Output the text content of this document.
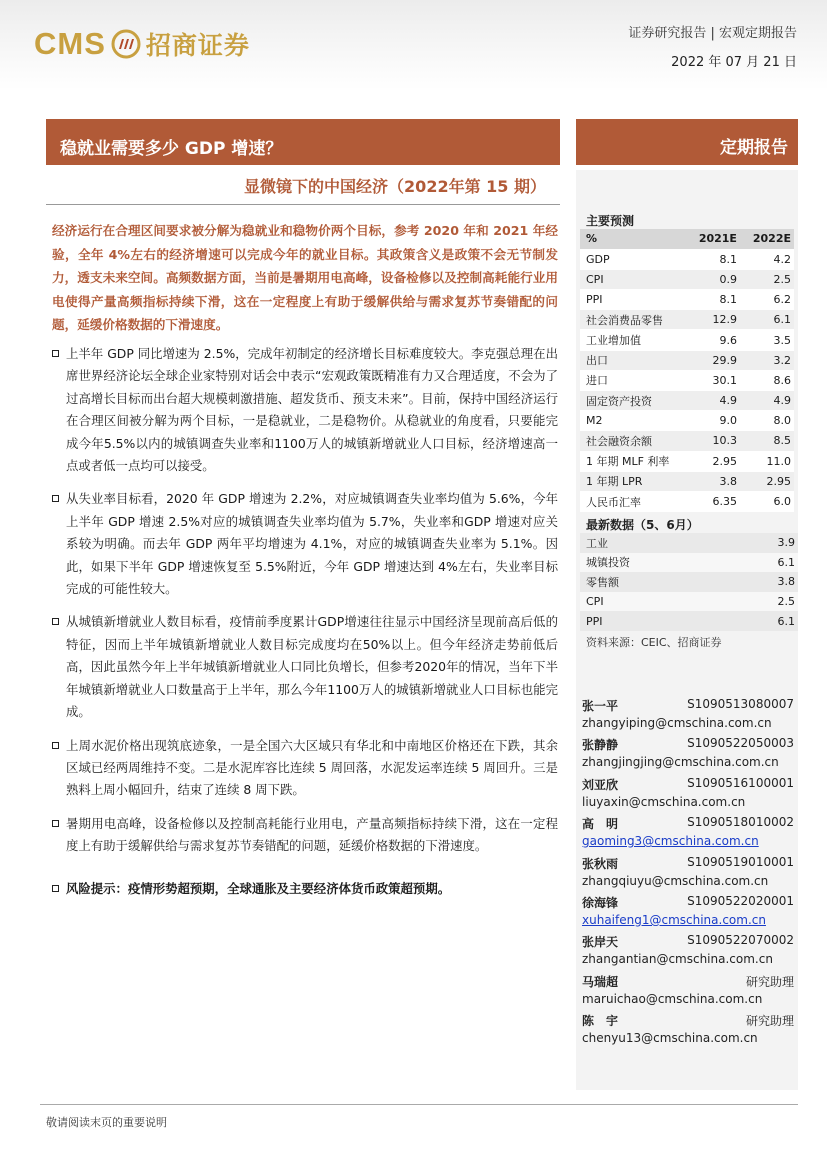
CMS 招商证券	证券研究报告 | 宏观定期报告
2022 年 07 月 21 日
稳就业需要多少 GDP 增速？	定期报告
显微镜下的中国经济（2022年第 15 期）
经济运行在合理区间要求被分解为稳就业和稳物价两个目标，参考 2020 年和 2021 年经验，全年 4%左右的经济增速可以完成今年的就业目标。其政策含义是政策不会无节制发力，透支未来空间。高频数据方面，当前是暑期用电高峰，设备检修以及控制高耗能行业用电使得产量高频指标持续下滑，这在一定程度上有助于缓解供给与需求复苏节奏错配的问题，延缓价格数据的下滑速度。
上半年 GDP 同比增速为 2.5%，完成年初制定的经济增长目标难度较大。李克强总理在出席世界经济论坛全球企业家特别对话会中表示“宏观政策既精准有力又合理适度，不会为了过高增长目标而出台超大规模刺激措施、超发货币、预支未来”。目前，保持中国经济运行在合理区间被分解为两个目标，一是稳就业，二是稳物价。从稳就业的角度看，只要能完成今年5.5%以内的城镇调查失业率和1100万人的城镇新增就业人口目标，经济增速高一点或者低一点均可以接受。
从失业率目标看，2020 年 GDP 增速为 2.2%，对应城镇调查失业率均值为 5.6%，今年上半年 GDP 增速 2.5%对应的城镇调查失业率均值为 5.7%，失业率和GDP 增速对应关系较为明确。而去年 GDP 两年平均增速为 4.1%，对应的城镇调查失业率为 5.1%。因此，如果下半年 GDP 增速恢复至 5.5%附近，今年 GDP 增速达到 4%左右，失业率目标完成的可能性较大。
从城镇新增就业人数目标看，疫情前季度累计GDP增速往往显示中国经济呈现前高后低的特征，因而上半年城镇新增就业人数目标完成度均在50%以上。但今年经济走势前低后高，因此虽然今年上半年城镇新增就业人口同比负增长，但参考2020年的情况，当年下半年城镇新增就业人口数量高于上半年，那么今年1100万人的城镇新增就业人口目标也能完成。
上周水泥价格出现筑底迹象，一是全国六大区域只有华北和中南地区价格还在下跌，其余区域已经两周维持不变。二是水泥库容比连续 5 周回落，水泥发运率连续 5 周回升。三是熟料上周小幅回升，结束了连续 8 周下跌。
暑期用电高峰，设备检修以及控制高耗能行业用电，产量高频指标持续下滑，这在一定程度上有助于缓解供给与需求复苏节奏错配的问题，延缓价格数据的下滑速度。
风险提示：疫情形势超预期，全球通胀及主要经济体货币政策超预期。
主要预测
%	2021E	2022E
GDP	8.1	4.2
CPI	0.9	2.5
PPI	8.1	6.2
社会消费品零售	12.9	6.1
工业增加值	9.6	3.5
出口	29.9	3.2
进口	30.1	8.6
固定资产投资	4.9	4.9
M2	9.0	8.0
社会融资余额	10.3	8.5
1 年期 MLF 利率	2.95	11.0
1 年期 LPR	3.8	2.95
人民币汇率	6.35	6.0
最新数据（5、6月）
工业	3.9
城镇投资	6.1
零售额	3.8
CPI	2.5
PPI	6.1
资料来源：CEIC、招商证券
张一平	S1090513080007
zhangyiping@cmschina.com.cn
张静静	S1090522050003
zhangjingjing@cmschina.com.cn
刘亚欣	S1090516100001
liuyaxin@cmschina.com.cn
高　明	S1090518010002
gaoming3@cmschina.com.cn
张秋雨	S1090519010001
zhangqiuyu@cmschina.com.cn
徐海锋	S1090522020001
xuhaifeng1@cmschina.com.cn
张岸天	S1090522070002
zhangantian@cmschina.com.cn
马瑞超	研究助理
maruichao@cmschina.com.cn
陈　宇	研究助理
chenyu13@cmschina.com.cn
敬请阅读末页的重要说明
